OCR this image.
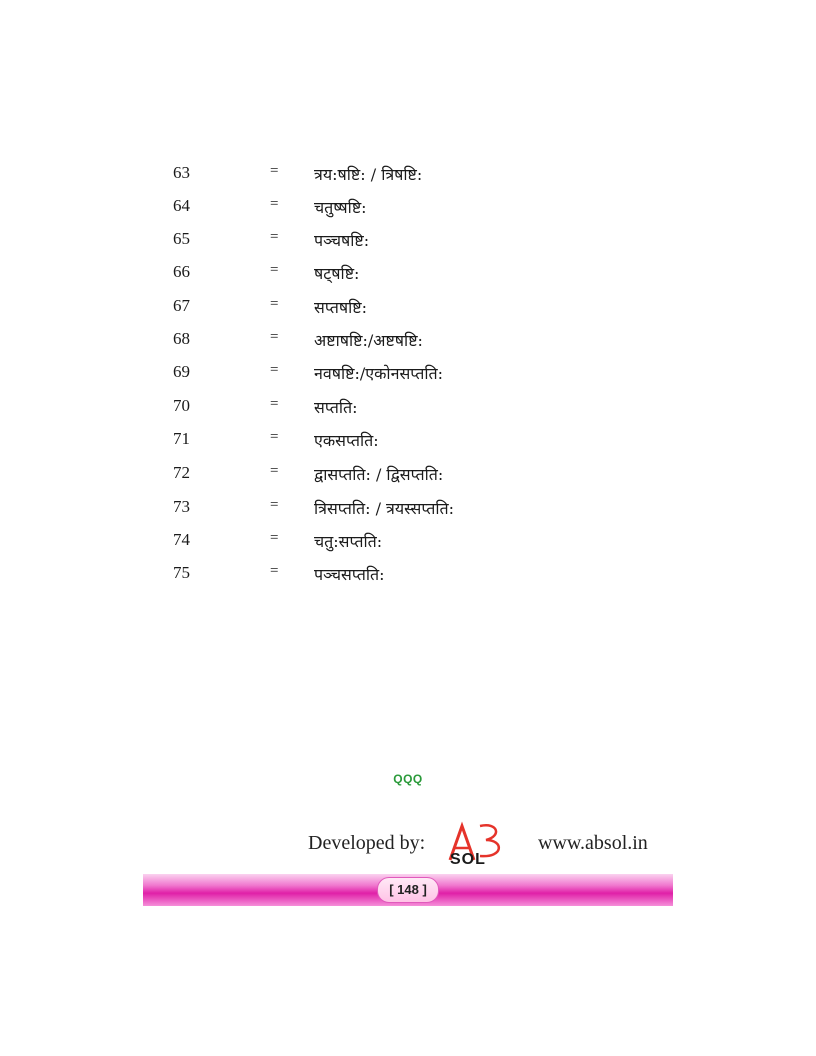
63	= त्रय:षष्टि: / त्रिषष्टि:
64	= चतुष्षष्टि:
65	= पञ्चषष्टि:
66	= षट्षष्टि:
67	= सप्तषष्टि:
68	= अष्टाषष्टि:/अष्टषष्टि:
69	= नवषष्टि:/एकोनसप्तति:
70	= सप्तति:
71	= एकसप्तति:
72	= द्वासप्तति: / द्विसप्तति:
73	= त्रिसप्तति: / त्रयस्सप्तति:
74	= चतु:सप्तति:
75	= पञ्चसप्तति:
QQQ
Developed by:
SOL
www.absol.in
[ 148 ]
